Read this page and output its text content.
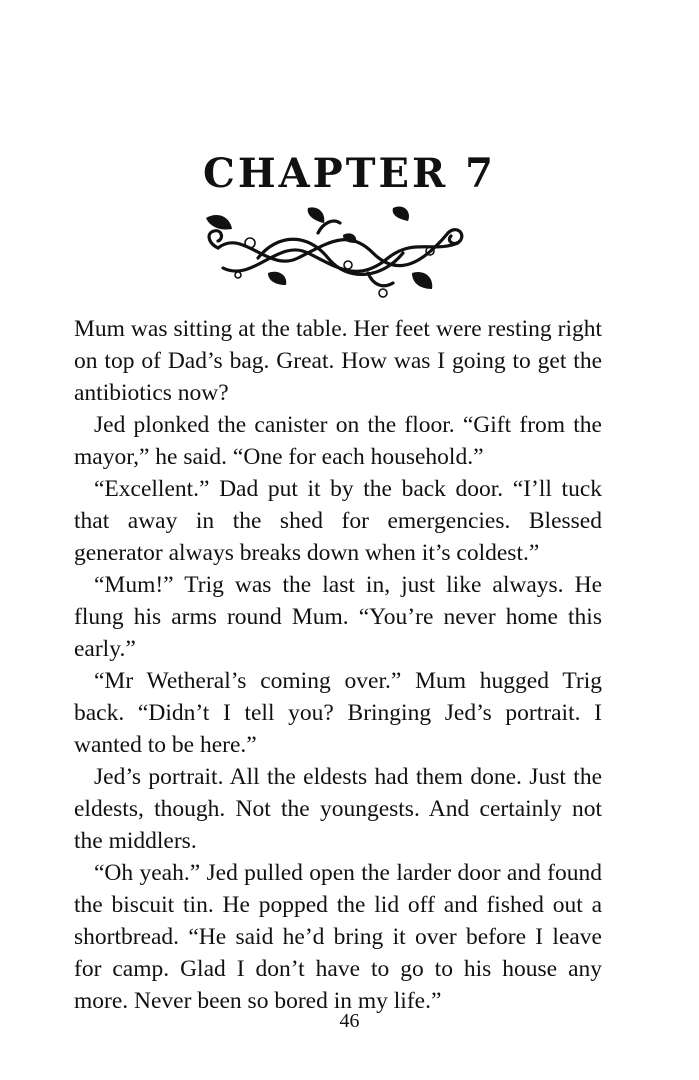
CHAPTER 7

Mum was sitting at the table. Her feet were resting right on top of Dad’s bag. Great. How was I going to get the antibiotics now?

Jed plonked the canister on the floor. “Gift from the mayor,” he said. “One for each household.”

“Excellent.” Dad put it by the back door. “I’ll tuck that away in the shed for emergencies. Blessed generator always breaks down when it’s coldest.”

“Mum!” Trig was the last in, just like always. He flung his arms round Mum. “You’re never home this early.”

“Mr Wetheral’s coming over.” Mum hugged Trig back. “Didn’t I tell you? Bringing Jed’s portrait. I wanted to be here.”

Jed’s portrait. All the eldests had them done. Just the eldests, though. Not the youngests. And certainly not the middlers.

“Oh yeah.” Jed pulled open the larder door and found the biscuit tin. He popped the lid off and fished out a shortbread. “He said he’d bring it over before I leave for camp. Glad I don’t have to go to his house any more. Never been so bored in my life.”

46
